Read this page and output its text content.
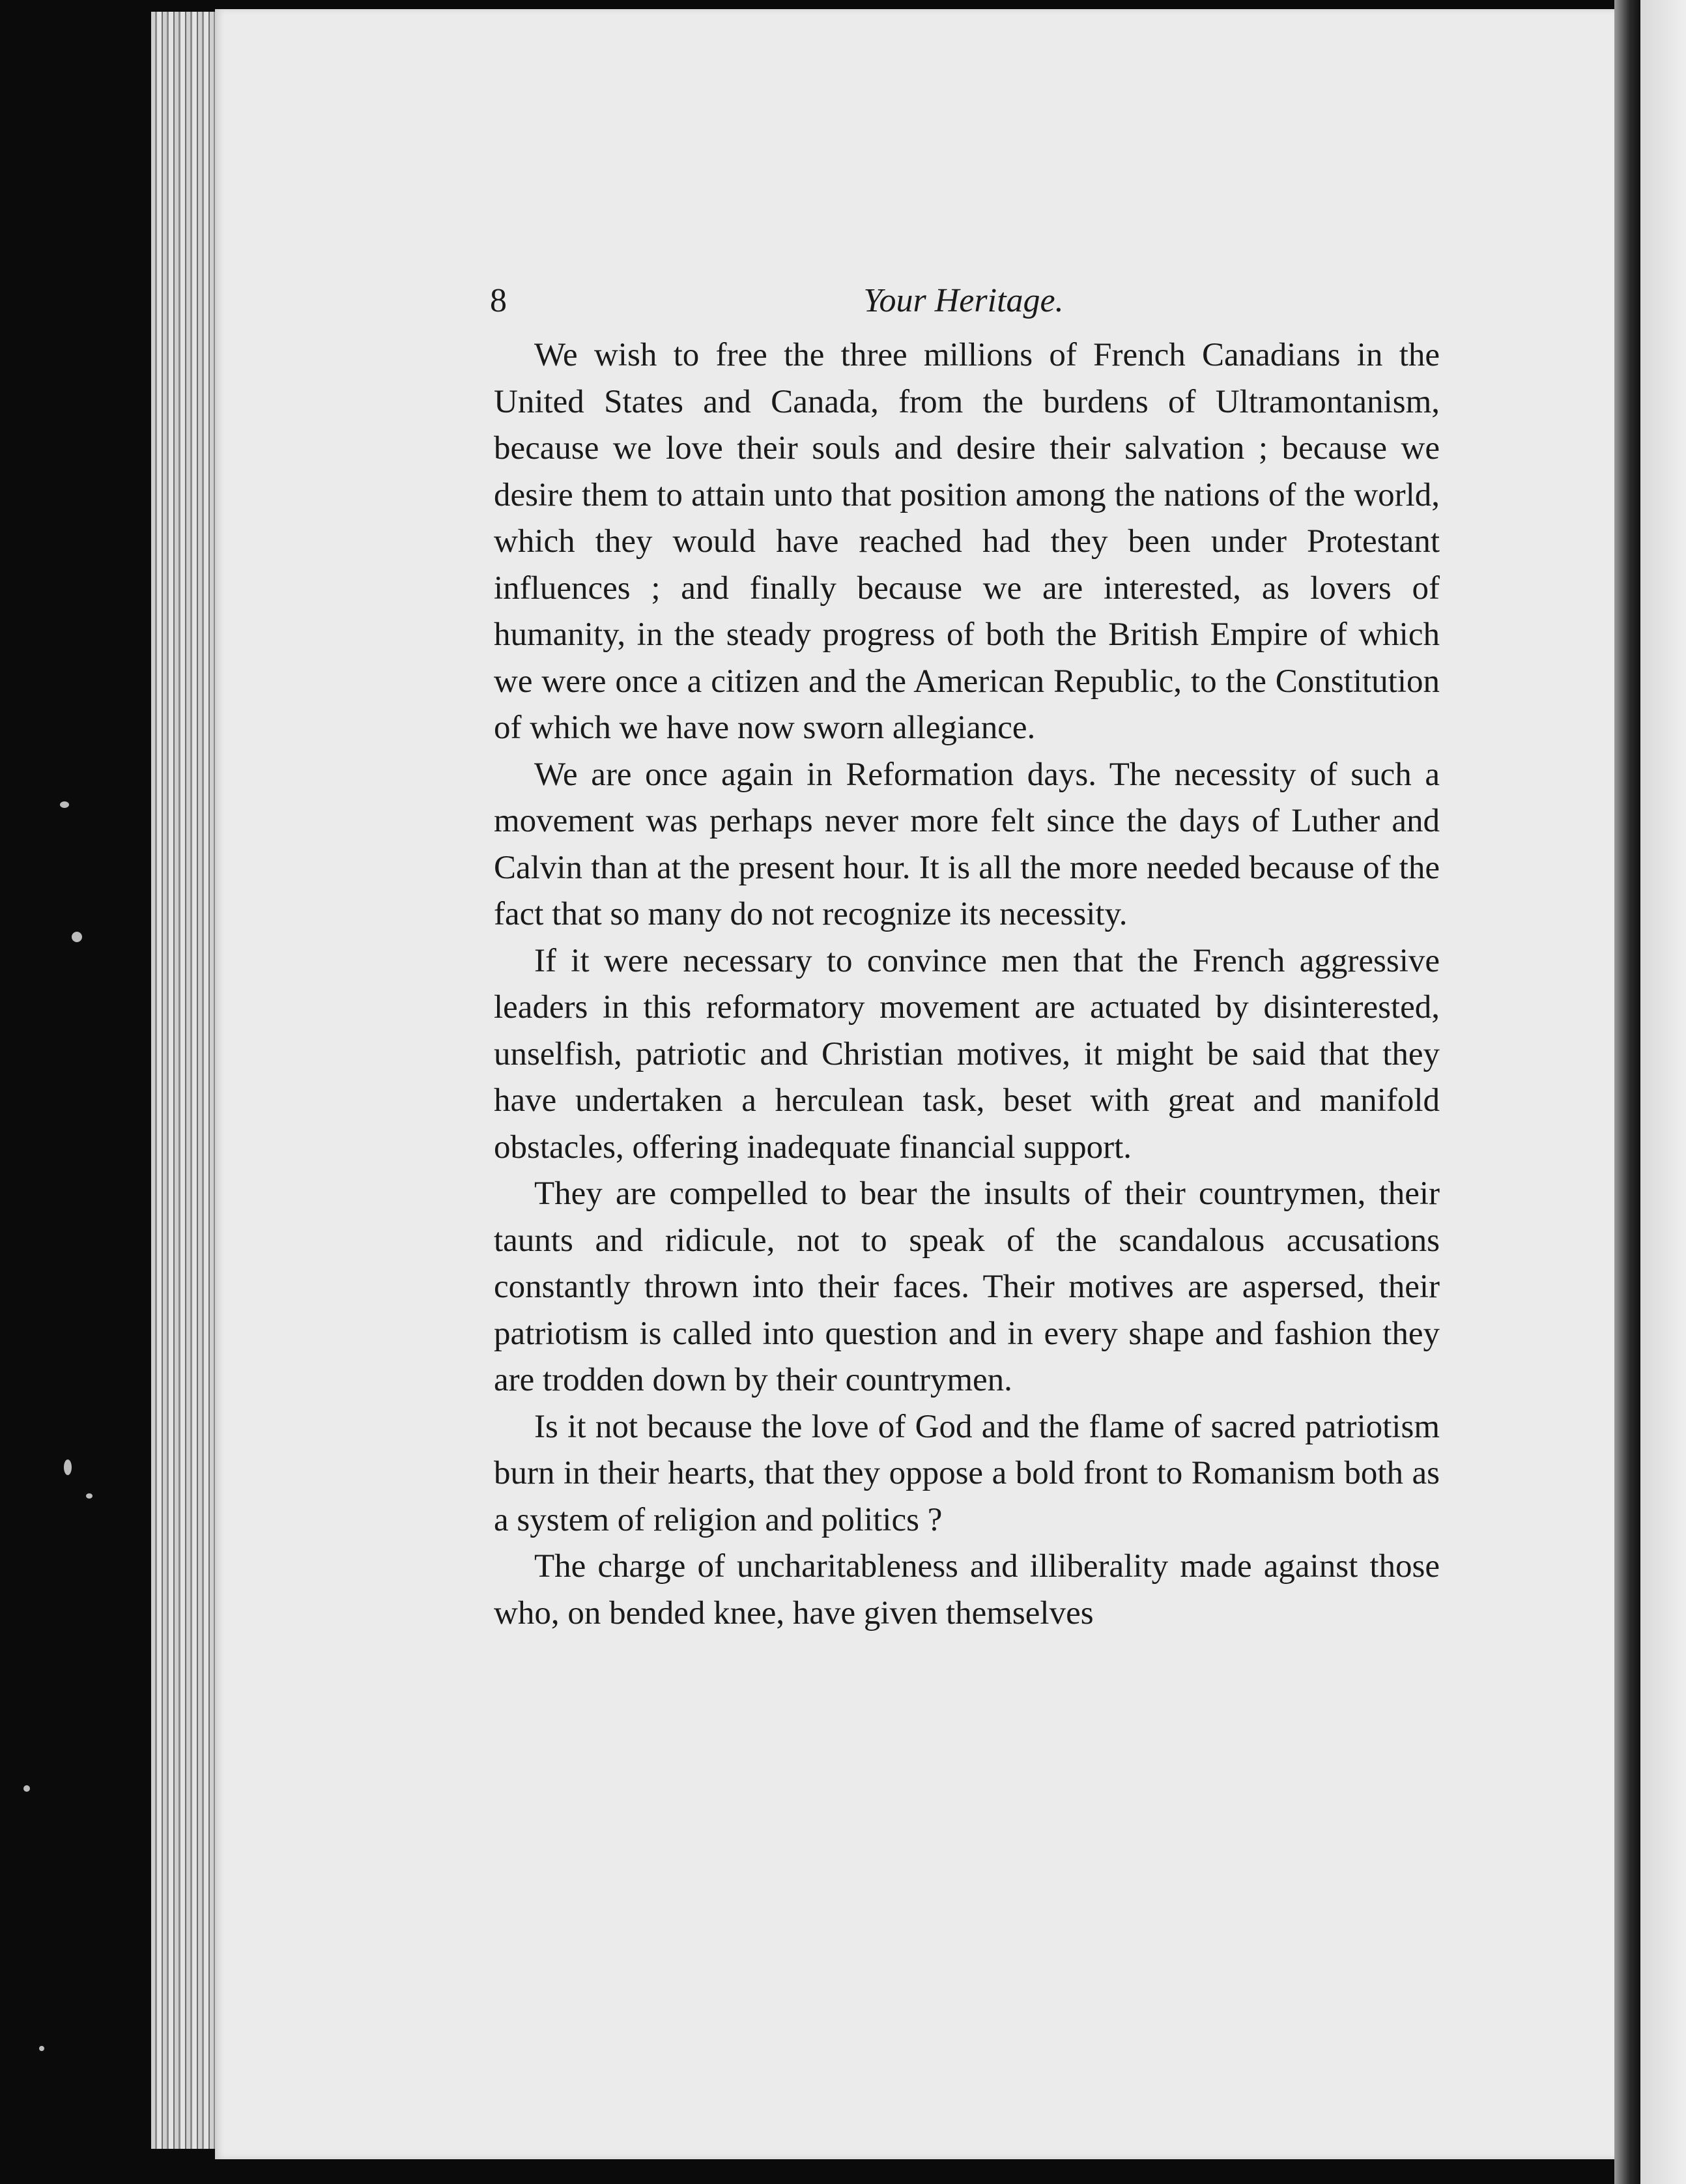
8	Your Heritage.

We wish to free the three millions of French Canadians in the United States and Canada, from the burdens of Ultramontanism, because we love their souls and desire their salvation ; because we desire them to attain unto that position among the nations of the world, which they would have reached had they been under Protestant influences ; and finally because we are interested, as lovers of humanity, in the steady progress of both the British Empire of which we were once a citizen and the American Republic, to the Constitution of which we have now sworn allegiance.

We are once again in Reformation days. The necessity of such a movement was perhaps never more felt since the days of Luther and Calvin than at the present hour. It is all the more needed because of the fact that so many do not recognize its necessity.

If it were necessary to convince men that the French aggressive leaders in this reformatory movement are actuated by disinterested, unselfish, patriotic and Christian motives, it might be said that they have undertaken a herculean task, beset with great and manifold obstacles, offering inadequate financial support.

They are compelled to bear the insults of their countrymen, their taunts and ridicule, not to speak of the scandalous accusations constantly thrown into their faces. Their motives are aspersed, their patriotism is called into question and in every shape and fashion they are trodden down by their countrymen.

Is it not because the love of God and the flame of sacred patriotism burn in their hearts, that they oppose a bold front to Romanism both as a system of religion and politics ?

The charge of uncharitableness and illiberality made against those who, on bended knee, have given themselves
